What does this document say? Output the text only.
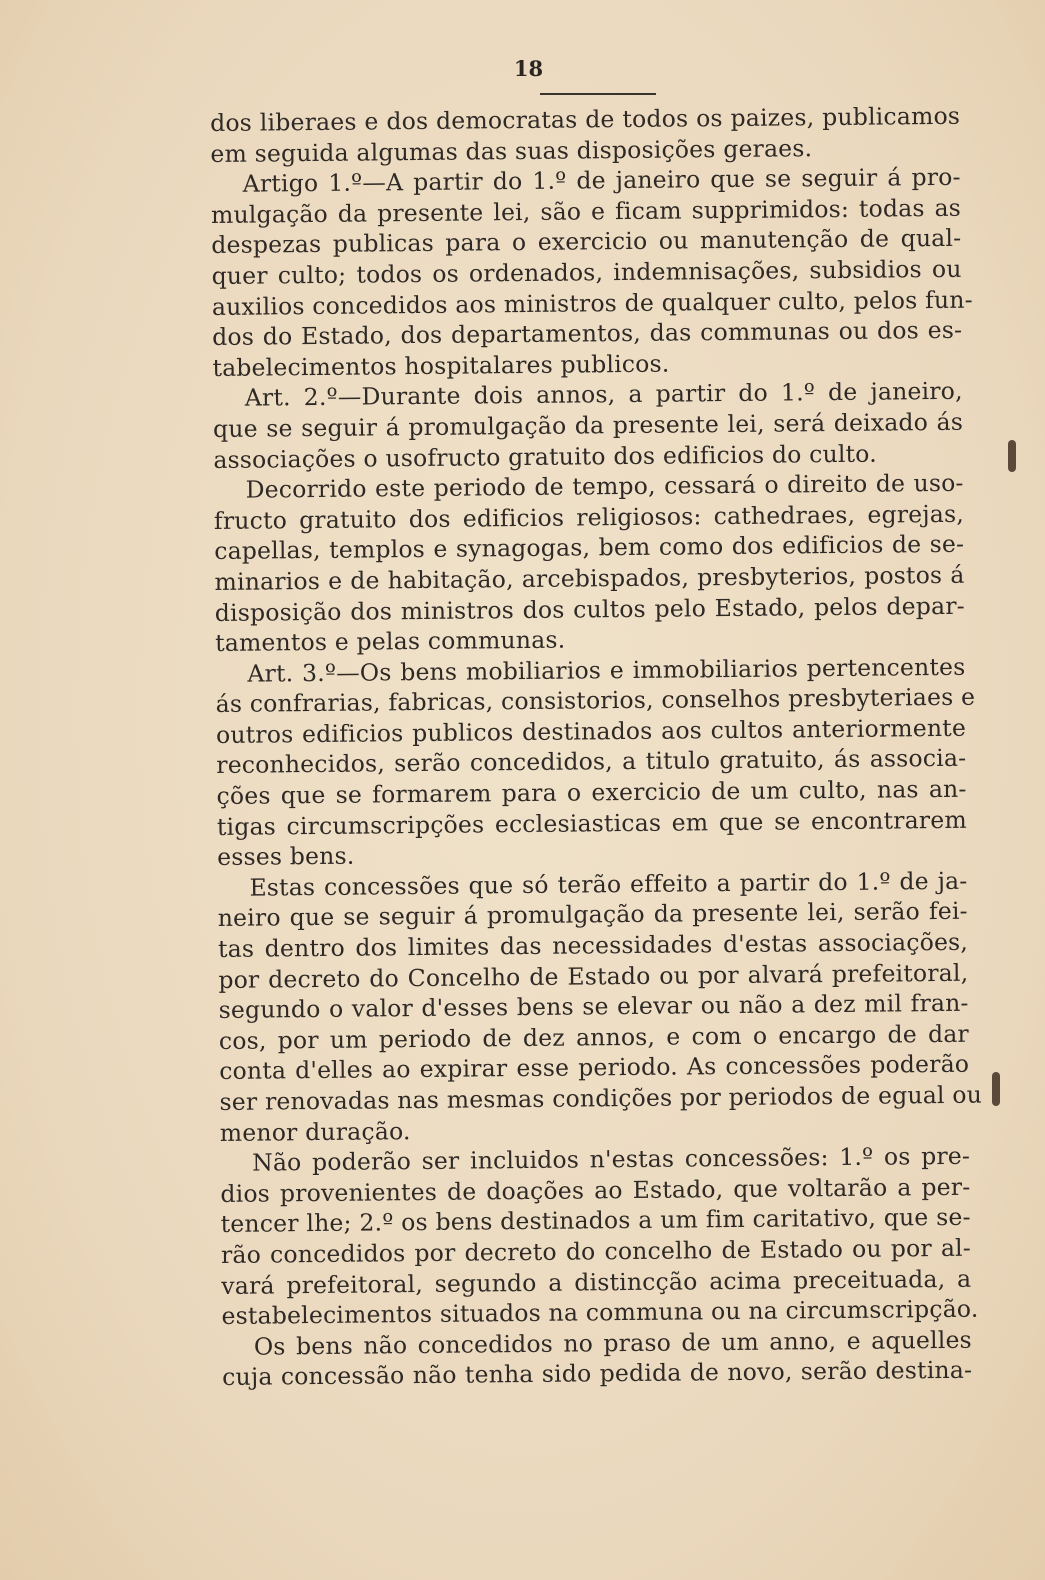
18
dos liberaes e dos democratas de todos os paizes, publicamos
em seguida algumas das suas disposições geraes.
Artigo 1.º—A partir do 1.º de janeiro que se seguir á pro-
mulgação da presente lei, são e ficam supprimidos: todas as
despezas publicas para o exercicio ou manutenção de qual-
quer culto; todos os ordenados, indemnisações, subsidios ou
auxilios concedidos aos ministros de qualquer culto, pelos fun-
dos do Estado, dos departamentos, das communas ou dos es-
tabelecimentos hospitalares publicos.
Art. 2.º—Durante dois annos, a partir do 1.º de janeiro,
que se seguir á promulgação da presente lei, será deixado ás
associações o usofructo gratuito dos edificios do culto.
Decorrido este periodo de tempo, cessará o direito de uso-
fructo gratuito dos edificios religiosos: cathedraes, egrejas,
capellas, templos e synagogas, bem como dos edificios de se-
minarios e de habitação, arcebispados, presbyterios, postos á
disposição dos ministros dos cultos pelo Estado, pelos depar-
tamentos e pelas communas.
Art. 3.º—Os bens mobiliarios e immobiliarios pertencentes
ás confrarias, fabricas, consistorios, conselhos presbyteriaes e
outros edificios publicos destinados aos cultos anteriormente
reconhecidos, serão concedidos, a titulo gratuito, ás associa-
ções que se formarem para o exercicio de um culto, nas an-
tigas circumscripções ecclesiasticas em que se encontrarem
esses bens.
Estas concessões que só terão effeito a partir do 1.º de ja-
neiro que se seguir á promulgação da presente lei, serão fei-
tas dentro dos limites das necessidades d'estas associações,
por decreto do Concelho de Estado ou por alvará prefeitoral,
segundo o valor d'esses bens se elevar ou não a dez mil fran-
cos, por um periodo de dez annos, e com o encargo de dar
conta d'elles ao expirar esse periodo. As concessões poderão
ser renovadas nas mesmas condições por periodos de egual ou
menor duração.
Não poderão ser incluidos n'estas concessões: 1.º os pre-
dios provenientes de doações ao Estado, que voltarão a per-
tencer lhe; 2.º os bens destinados a um fim caritativo, que se-
rão concedidos por decreto do concelho de Estado ou por al-
vará prefeitoral, segundo a distincção acima preceituada, a
estabelecimentos situados na communa ou na circumscripção.
Os bens não concedidos no praso de um anno, e aquelles
cuja concessão não tenha sido pedida de novo, serão destina-
